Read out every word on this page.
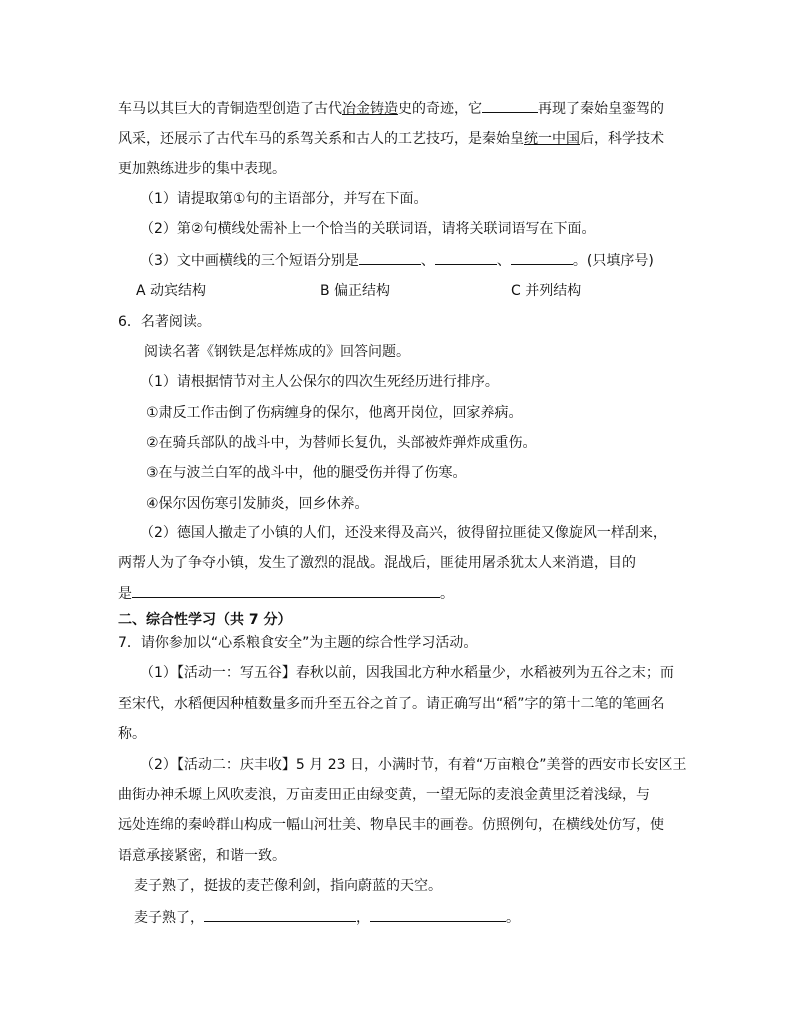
车马以其巨大的青铜造型创造了古代冶金铸造史的奇迹，它	再现了秦始皇銮驾的
风采，还展示了古代车马的系驾关系和古人的工艺技巧，是秦始皇统一中国后，科学技术
更加熟练进步的集中表现。
（1）请提取第①句的主语部分，并写在下面。
（2）第②句横线处需补上一个恰当的关联词语，请将关联词语写在下面。
（3）文中画横线的三个短语分别是	、	、	。(只填序号)
A 动宾结构	B 偏正结构	C 并列结构
6．名著阅读。
阅读名著《钢铁是怎样炼成的》回答问题。
（1）请根据情节对主人公保尔的四次生死经历进行排序。
①肃反工作击倒了伤病缠身的保尔，他离开岗位，回家养病。
②在骑兵部队的战斗中，为替师长复仇，头部被炸弹炸成重伤。
③在与波兰白军的战斗中，他的腿受伤并得了伤寒。
④保尔因伤寒引发肺炎，回乡休养。
（2）德国人撤走了小镇的人们，还没来得及高兴，彼得留拉匪徒又像旋风一样刮来，
两帮人为了争夺小镇，发生了激烈的混战。混战后，匪徒用屠杀犹太人来消遣，目的
是	。
二、综合性学习（共 7 分）
7．请你参加以“心系粮食安全”为主题的综合性学习活动。
（1）【活动一：写五谷】春秋以前，因我国北方种水稻量少，水稻被列为五谷之末；而
至宋代，水稻便因种植数量多而升至五谷之首了。请正确写出“稻”字的第十二笔的笔画名
称。
（2）【活动二：庆丰收】5 月 23 日，小满时节，有着“万亩粮仓”美誉的西安市长安区王
曲街办神禾塬上风吹麦浪，万亩麦田正由绿变黄，一望无际的麦浪金黄里泛着浅绿，与
远处连绵的秦岭群山构成一幅山河壮美、物阜民丰的画卷。仿照例句，在横线处仿写，使
语意承接紧密，和谐一致。
麦子熟了，挺拔的麦芒像利剑，指向蔚蓝的天空。
麦子熟了，	，	。
